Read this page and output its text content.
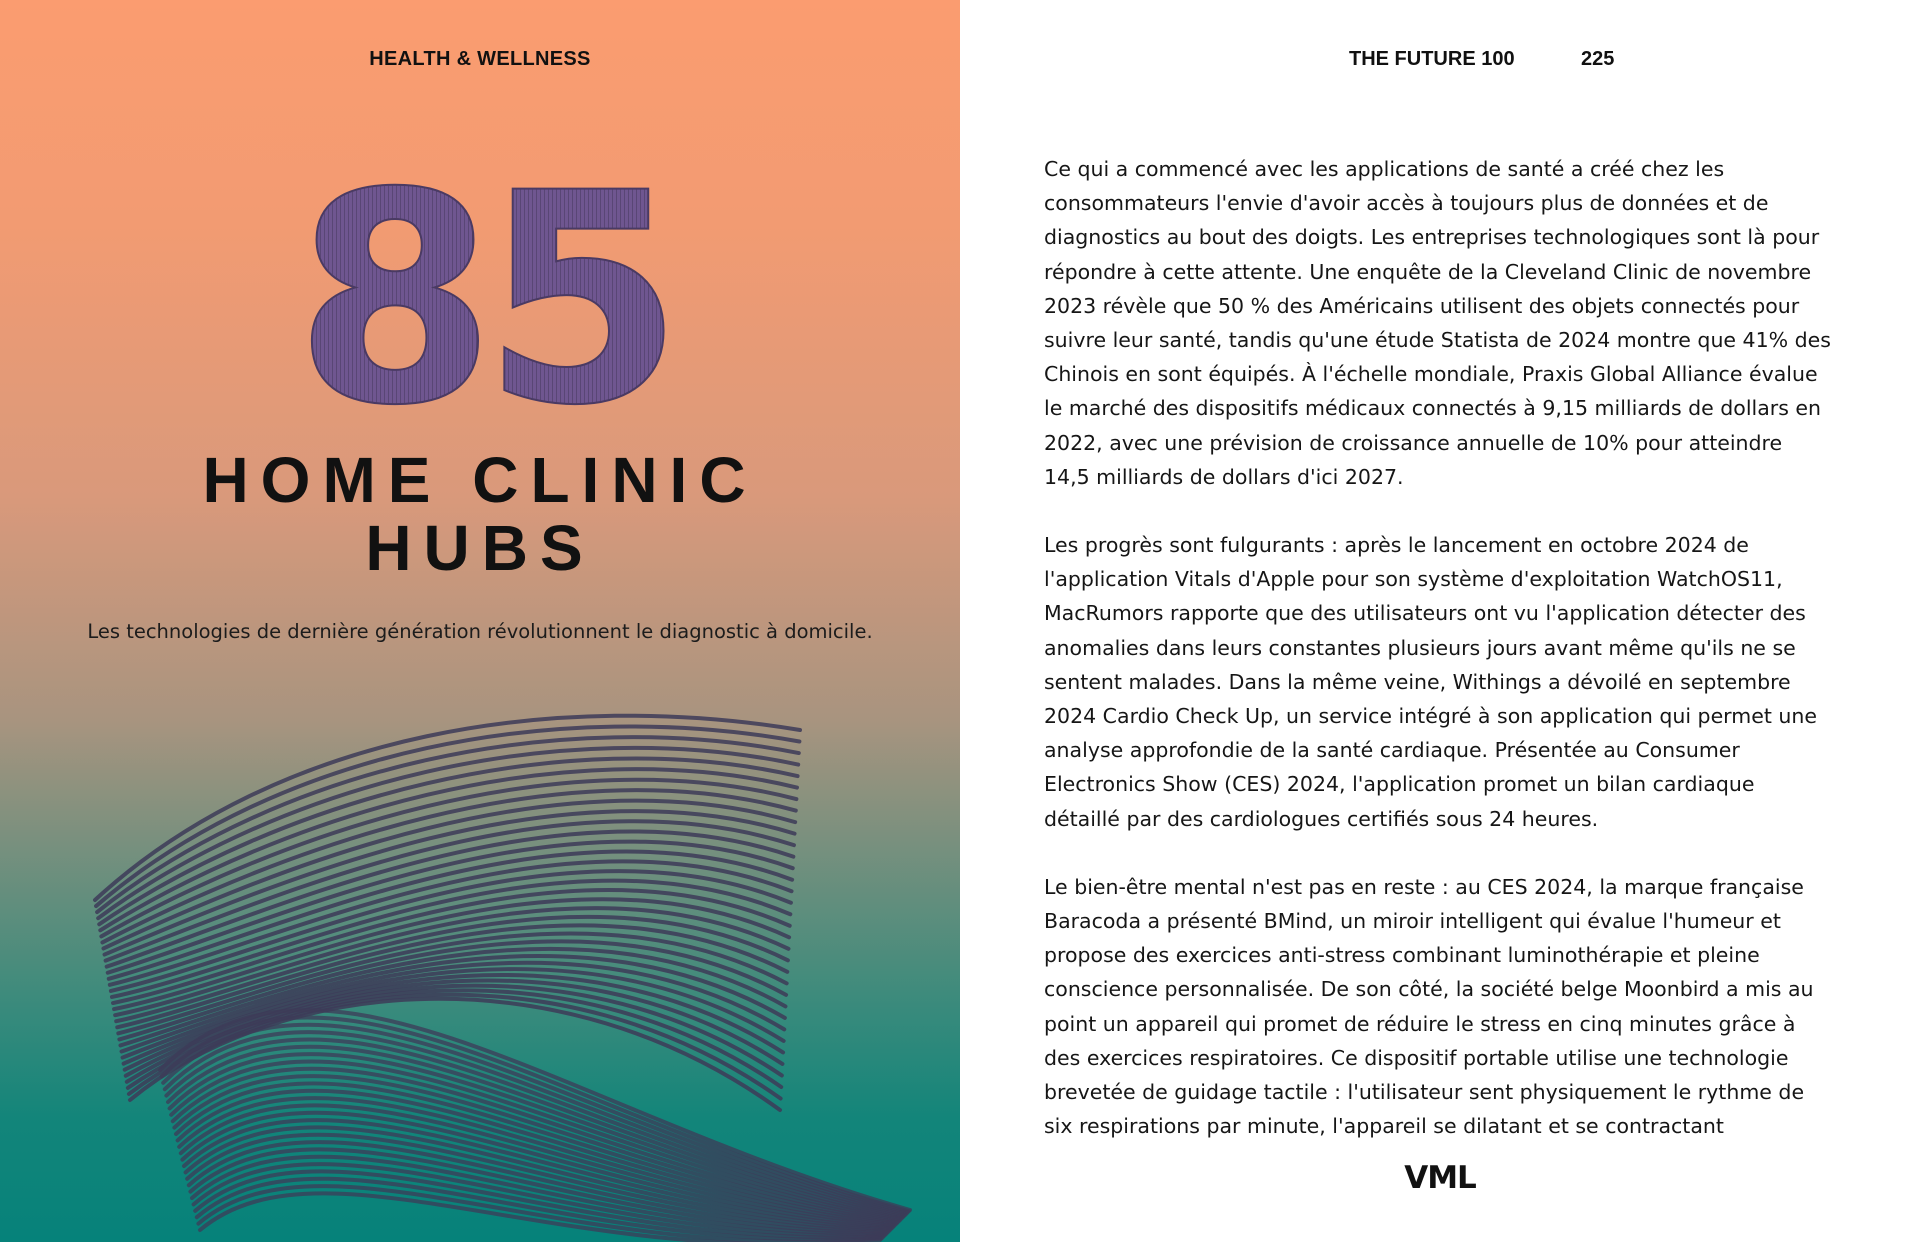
HEALTH & WELLNESS
85
HOME CLINIC
HUBS
Les technologies de dernière génération révolutionnent le diagnostic à domicile.
THE FUTURE 100	225

Ce qui a commencé avec les applications de santé a créé chez les consommateurs l'envie d'avoir accès à toujours plus de données et de diagnostics au bout des doigts. Les entreprises technologiques sont là pour répondre à cette attente. Une enquête de la Cleveland Clinic de novembre 2023 révèle que 50 % des Américains utilisent des objets connectés pour suivre leur santé, tandis qu'une étude Statista de 2024 montre que 41% des Chinois en sont équipés. À l'échelle mondiale, Praxis Global Alliance évalue le marché des dispositifs médicaux connectés à 9,15 milliards de dollars en 2022, avec une prévision de croissance annuelle de 10% pour atteindre 14,5 milliards de dollars d'ici 2027.

Les progrès sont fulgurants : après le lancement en octobre 2024 de l'application Vitals d'Apple pour son système d'exploitation WatchOS11, MacRumors rapporte que des utilisateurs ont vu l'application détecter des anomalies dans leurs constantes plusieurs jours avant même qu'ils ne se sentent malades. Dans la même veine, Withings a dévoilé en septembre 2024 Cardio Check Up, un service intégré à son application qui permet une analyse approfondie de la santé cardiaque. Présentée au Consumer Electronics Show (CES) 2024, l'application promet un bilan cardiaque détaillé par des cardiologues certifiés sous 24 heures.

Le bien-être mental n'est pas en reste : au CES 2024, la marque française Baracoda a présenté BMind, un miroir intelligent qui évalue l'humeur et propose des exercices anti-stress combinant luminothérapie et pleine conscience personnalisée. De son côté, la société belge Moonbird a mis au point un appareil qui promet de réduire le stress en cinq minutes grâce à des exercices respiratoires. Ce dispositif portable utilise une technologie brevetée de guidage tactile : l'utilisateur sent physiquement le rythme de six respirations par minute, l'appareil se dilatant et se contractant

VML
